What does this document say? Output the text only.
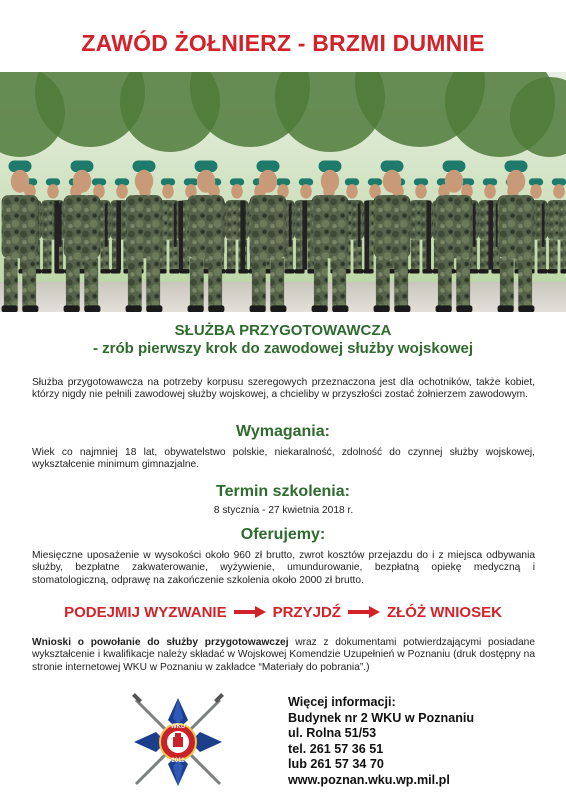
ZAWÓD ŻOŁNIERZ - BRZMI DUMNIE
SŁUŻBA PRZYGOTOWAWCZA
- zrób pierwszy krok do zawodowej służby wojskowej
Służba przygotowawcza na potrzeby korpusu szeregowych przeznaczona jest dla ochotników, także kobiet, którzy nigdy nie pełnili zawodowej służby wojskowej, a chcieliby w przyszłości zostać żołnierzem zawodowym.
Wymagania:
Wiek co najmniej 18 lat, obywatelstwo polskie, niekaralność, zdolność do czynnej służby wojskowej, wykształcenie minimum gimnazjalne.
Termin szkolenia:
8 stycznia - 27 kwietnia 2018 r.
Oferujemy:
Miesięczne uposażenie w wysokości około 960 zł brutto, zwrot kosztów przejazdu do i z miejsca odbywania służby, bezpłatne zakwaterowanie, wyżywienie, umundurowanie, bezpłatną opiekę medyczną i stomatologiczną, odprawę na zakończenie szkolenia około 2000 zł brutto.
PODEJMIJ WYZWANIE	PRZYJDŹ	ZŁÓŻ WNIOSEK
Wnioski o powołanie do służby przygotowawczej wraz z dokumentami potwierdzającymi posiadane wykształcenie i kwalifikacje należy składać w Wojskowej Komendzie Uzupełnień w Poznaniu (druk dostępny na stronie internetowej WKU w Poznaniu w zakładce “Materiały do pobrania”.)
WKU
2011
Więcej informacji:
Budynek nr 2 WKU w Poznaniu
ul. Rolna 51/53
tel. 261 57 36 51
lub 261 57 34 70
www.poznan.wku.wp.mil.pl
